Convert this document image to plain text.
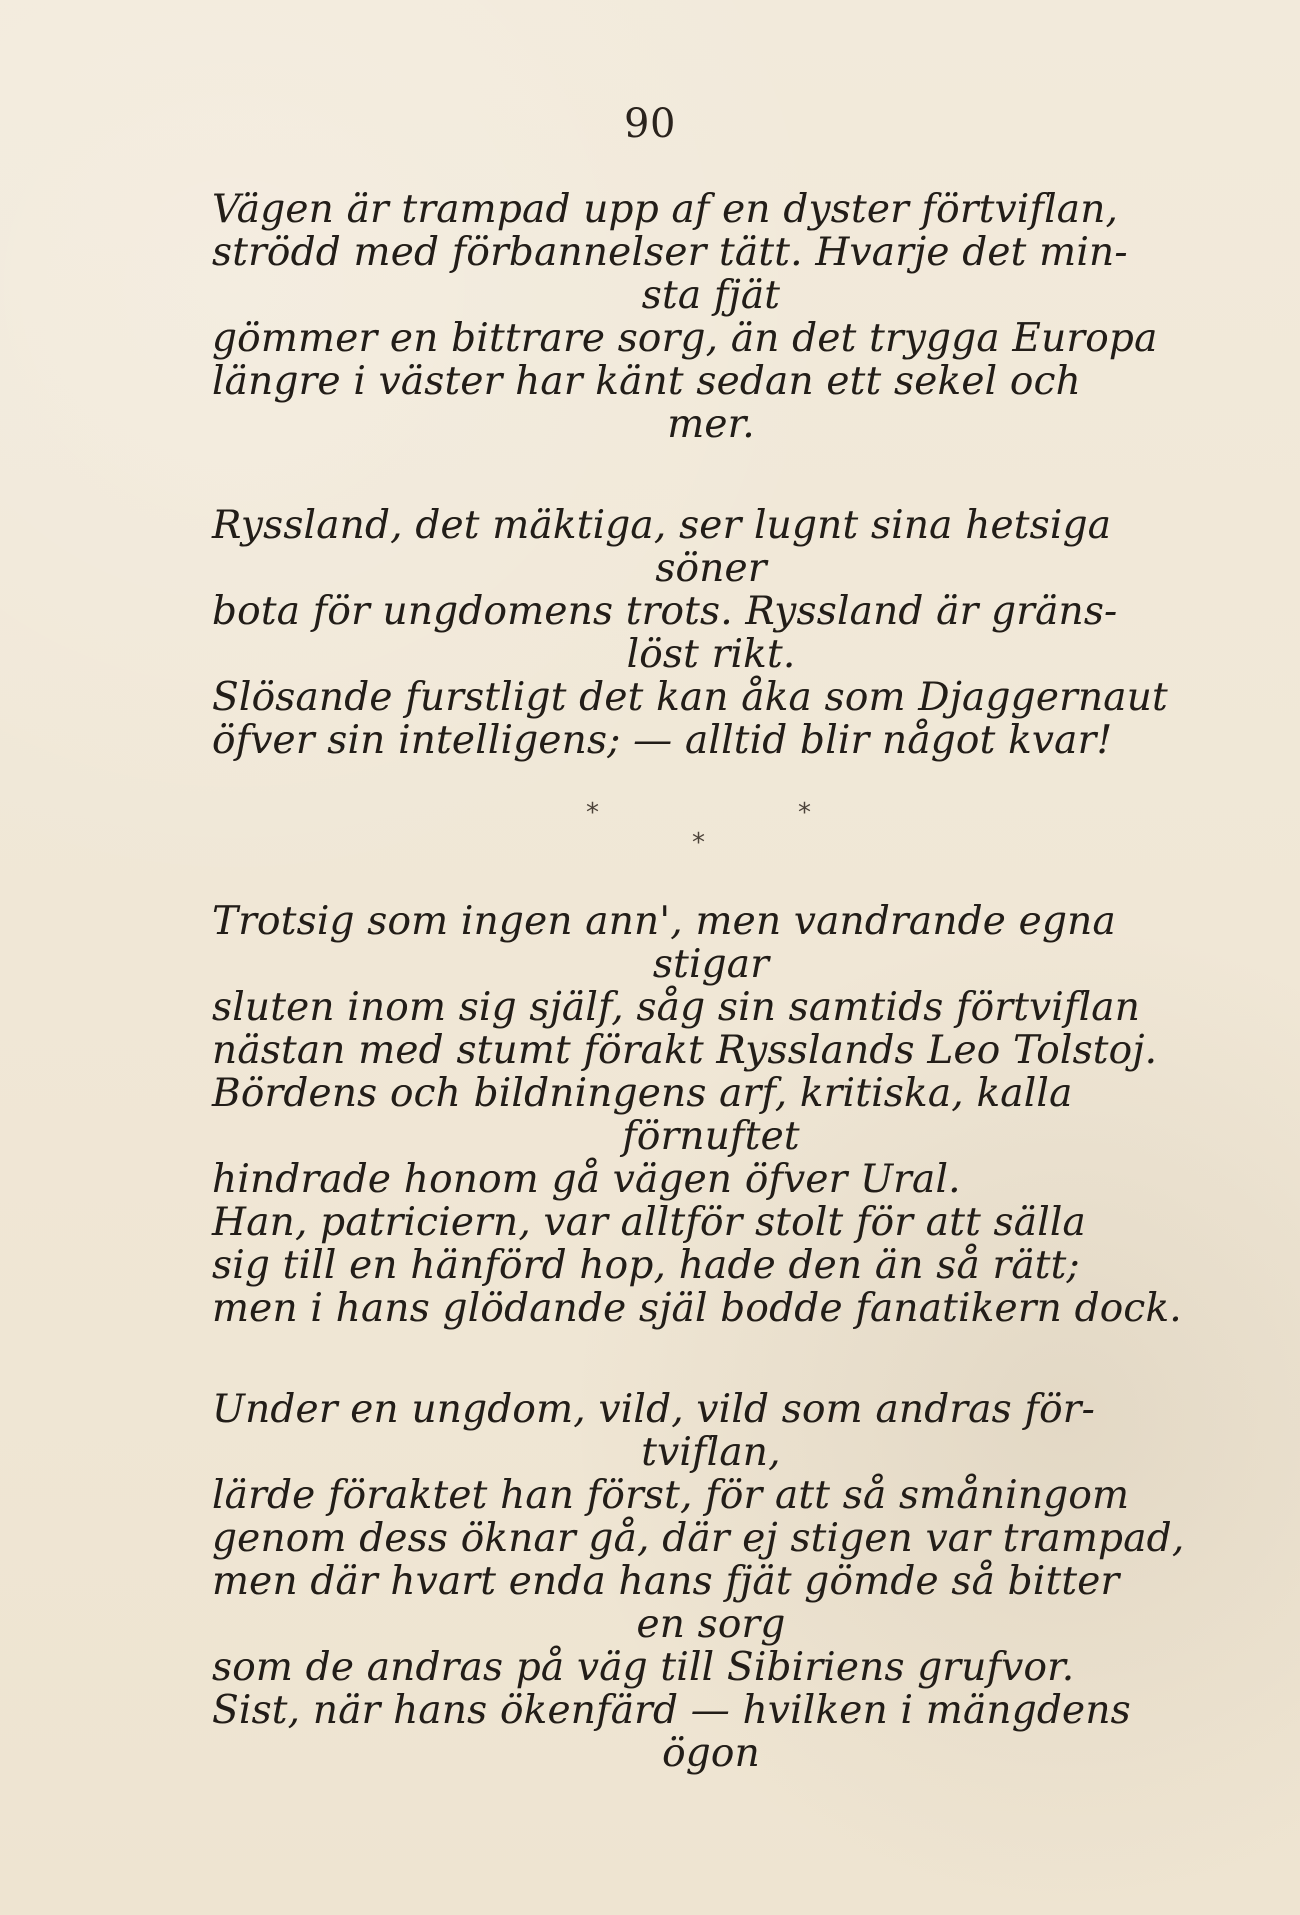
90
Vägen är trampad upp af en dyster förtviflan,
strödd med förbannelser tätt. Hvarje det min-
sta fjät
gömmer en bittrare sorg, än det trygga Europa
längre i väster har känt sedan ett sekel och
mer.
Ryssland, det mäktiga, ser lugnt sina hetsiga
söner
bota för ungdomens trots. Ryssland är gräns-
löst rikt.
Slösande furstligt det kan åka som Djaggernaut
öfver sin intelligens; — alltid blir något kvar!
*	*
*
Trotsig som ingen ann', men vandrande egna
stigar
sluten inom sig själf, såg sin samtids förtviflan
nästan med stumt förakt Rysslands Leo Tolstoj.
Bördens och bildningens arf, kritiska, kalla
förnuftet
hindrade honom gå vägen öfver Ural.
Han, patriciern, var alltför stolt för att sälla
sig till en hänförd hop, hade den än så rätt;
men i hans glödande själ bodde fanatikern dock.
Under en ungdom, vild, vild som andras för-
tviflan,
lärde föraktet han först, för att så småningom
genom dess öknar gå, där ej stigen var trampad,
men där hvart enda hans fjät gömde så bitter
en sorg
som de andras på väg till Sibiriens grufvor.
Sist, när hans ökenfärd — hvilken i mängdens
ögon
